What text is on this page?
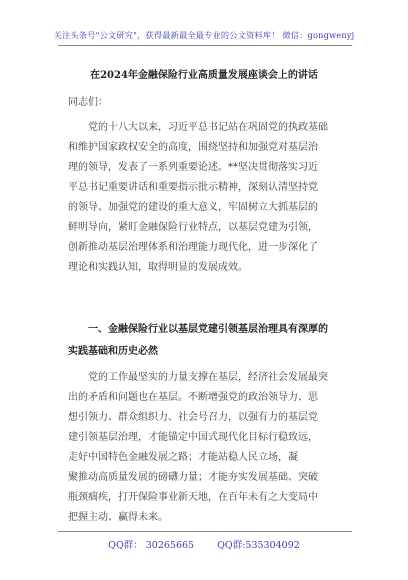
关注头条号"公文研究"，获得最新最全最专业的公文资料库！ 微信：gongwenyj
在2024年金融保险行业高质量发展座谈会上的讲话
同志们：
　　党的十八大以来，习近平总书记站在巩固党的执政基础
和维护国家政权安全的高度，围绕坚持和加强党对基层治
理的领导，发表了一系列重要论述。**坚决贯彻落实习近
平总书记重要讲话和重要指示批示精神，深刻认清坚持党
的领导、加强党的建设的重大意义，牢固树立大抓基层的
鲜明导向，紧盯金融保险行业特点，以基层党建为引领，
创新推动基层治理体系和治理能力现代化，进一步深化了
理论和实践认知，取得明显的发展成效。
　　一、金融保险行业以基层党建引领基层治理具有深厚的
实践基础和历史必然
　　党的工作最坚实的力量支撑在基层，经济社会发展最突
出的矛盾和问题也在基层。不断增强党的政治领导力、思
想引领力、群众组织力、社会号召力，以强有力的基层党
建引领基层治理，才能锚定中国式现代化目标行稳致远，
走好中国特色金融发展之路；才能站稳人民立场，凝
聚推动高质量发展的磅礴力量；才能夯实发展基础、突破
瓶颈痼疾，打开保险事业新天地，在百年未有之大变局中
把握主动、赢得未来。
QQ群： 30265665 QQ群:535304092
